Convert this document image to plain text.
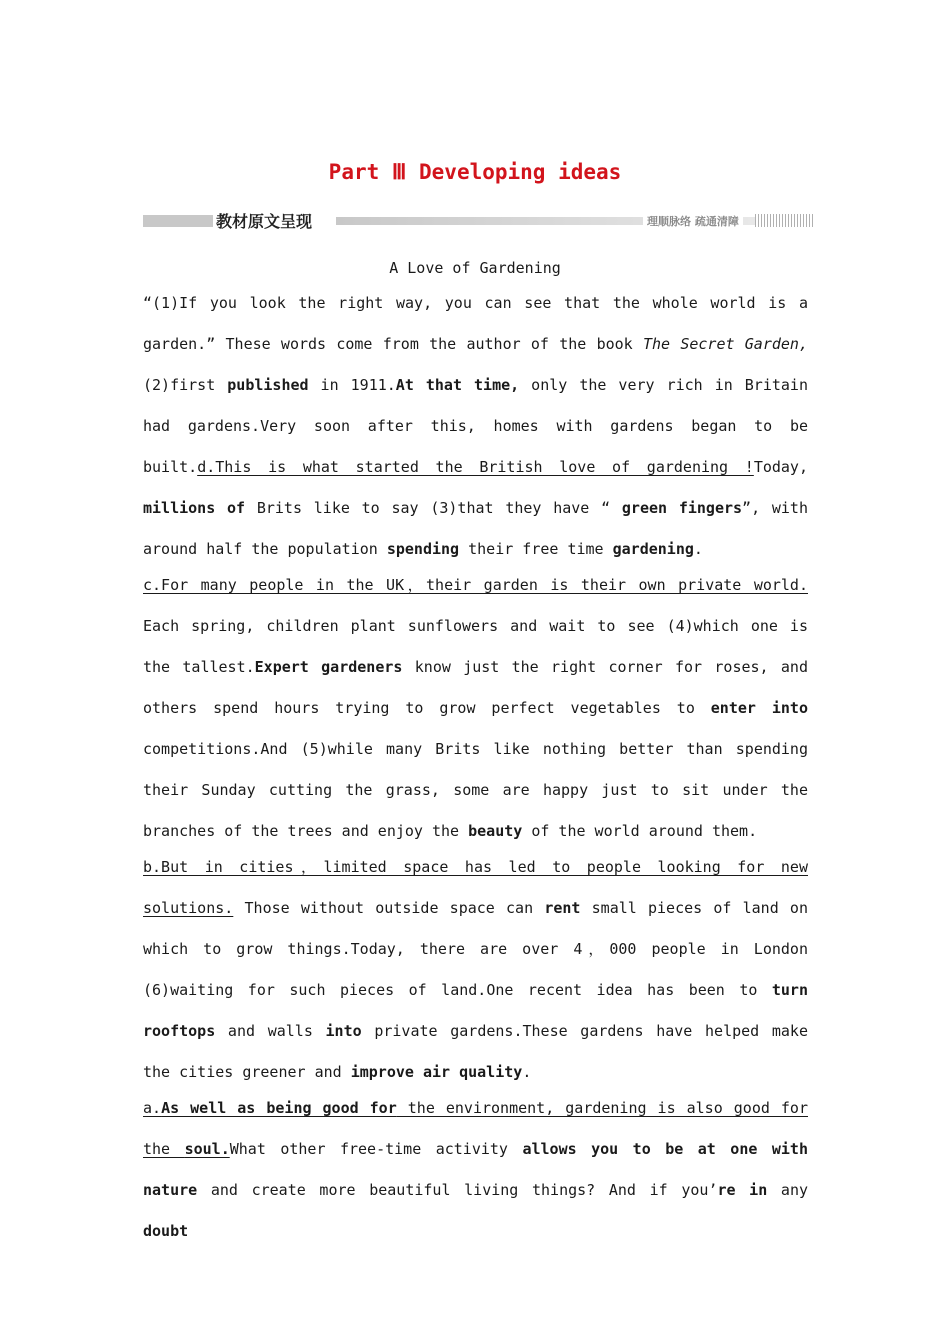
Part Ⅲ Developing ideas
教材原文呈现	理顺脉络 疏通清障
A Love of Gardening

“(1)If you look the right way, you can see that the whole world is a garden.” These words come from the author of the book The Secret Garden, (2)first published in 1911.At that time, only the very rich in Britain had gardens.Very soon after this, homes with gardens began to be built.d.This is what started the British love of gardening !Today, millions of Brits like to say (3)that they have “ green fingers”, with around half the population spending their free time gardening.

c.For many people in the UK，their garden is their own private world. Each spring, children plant sunflowers and wait to see (4)which one is the tallest.Expert gardeners know just the right corner for roses, and others spend hours trying to grow perfect vegetables to enter into competitions.And (5)while many Brits like nothing better than spending their Sunday cutting the grass, some are happy just to sit under the branches of the trees and enjoy the beauty of the world around them.

b.But in cities，limited space has led to people looking for new solutions. Those without outside space can rent small pieces of land on which to grow things.Today, there are over 4，000 people in London (6)waiting for such pieces of land.One recent idea has been to turn rooftops and walls into private gardens.These gardens have helped make the cities greener and improve air quality.

a.As well as being good for the environment, gardening is also good for the soul.What other free-time activity allows you to be at one with nature and create more beautiful living things? And if you’re in any doubt
